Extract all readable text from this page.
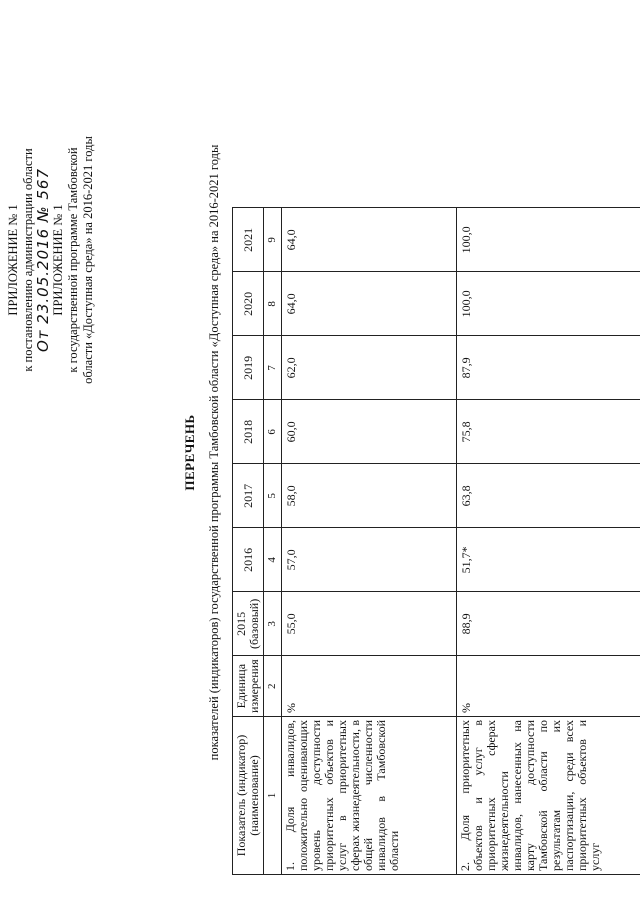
ПРИЛОЖЕНИЕ № 1 к постановлению администрации области От 23.05.2016 № 567
ПРИЛОЖЕНИЕ № 1 к государственной программе Тамбовской области «Доступная среда» на 2016-2021 годы
ПЕРЕЧЕНЬ показателей (индикаторов) государственной программы Тамбовской области «Доступная среда» на 2016-2021 годы
Показатель (индикатор) (наименование)	Единица измерения	2015 (базовый)	2016	2017	2018	2019	2020	2021
1	2	3	4	5	6	7	8	9
1. Доля инвалидов, положительно оценивающих уровень доступности приоритетных объектов и услуг в приоритетных сферах жизнедеятельности, в общей численности инвалидов в Тамбовской области	%	55,0	57,0	58,0	60,0	62,0	64,0	64,0
2. Доля приоритетных объектов и услуг в приоритетных сферах жизнедеятельности инвалидов, нанесенных на карту доступности Тамбовской области по результатам их паспортизации, среди всех приоритетных объектов и услуг	%	88,9	51,7*	63,8	75,8	87,9	100,0	100,0
